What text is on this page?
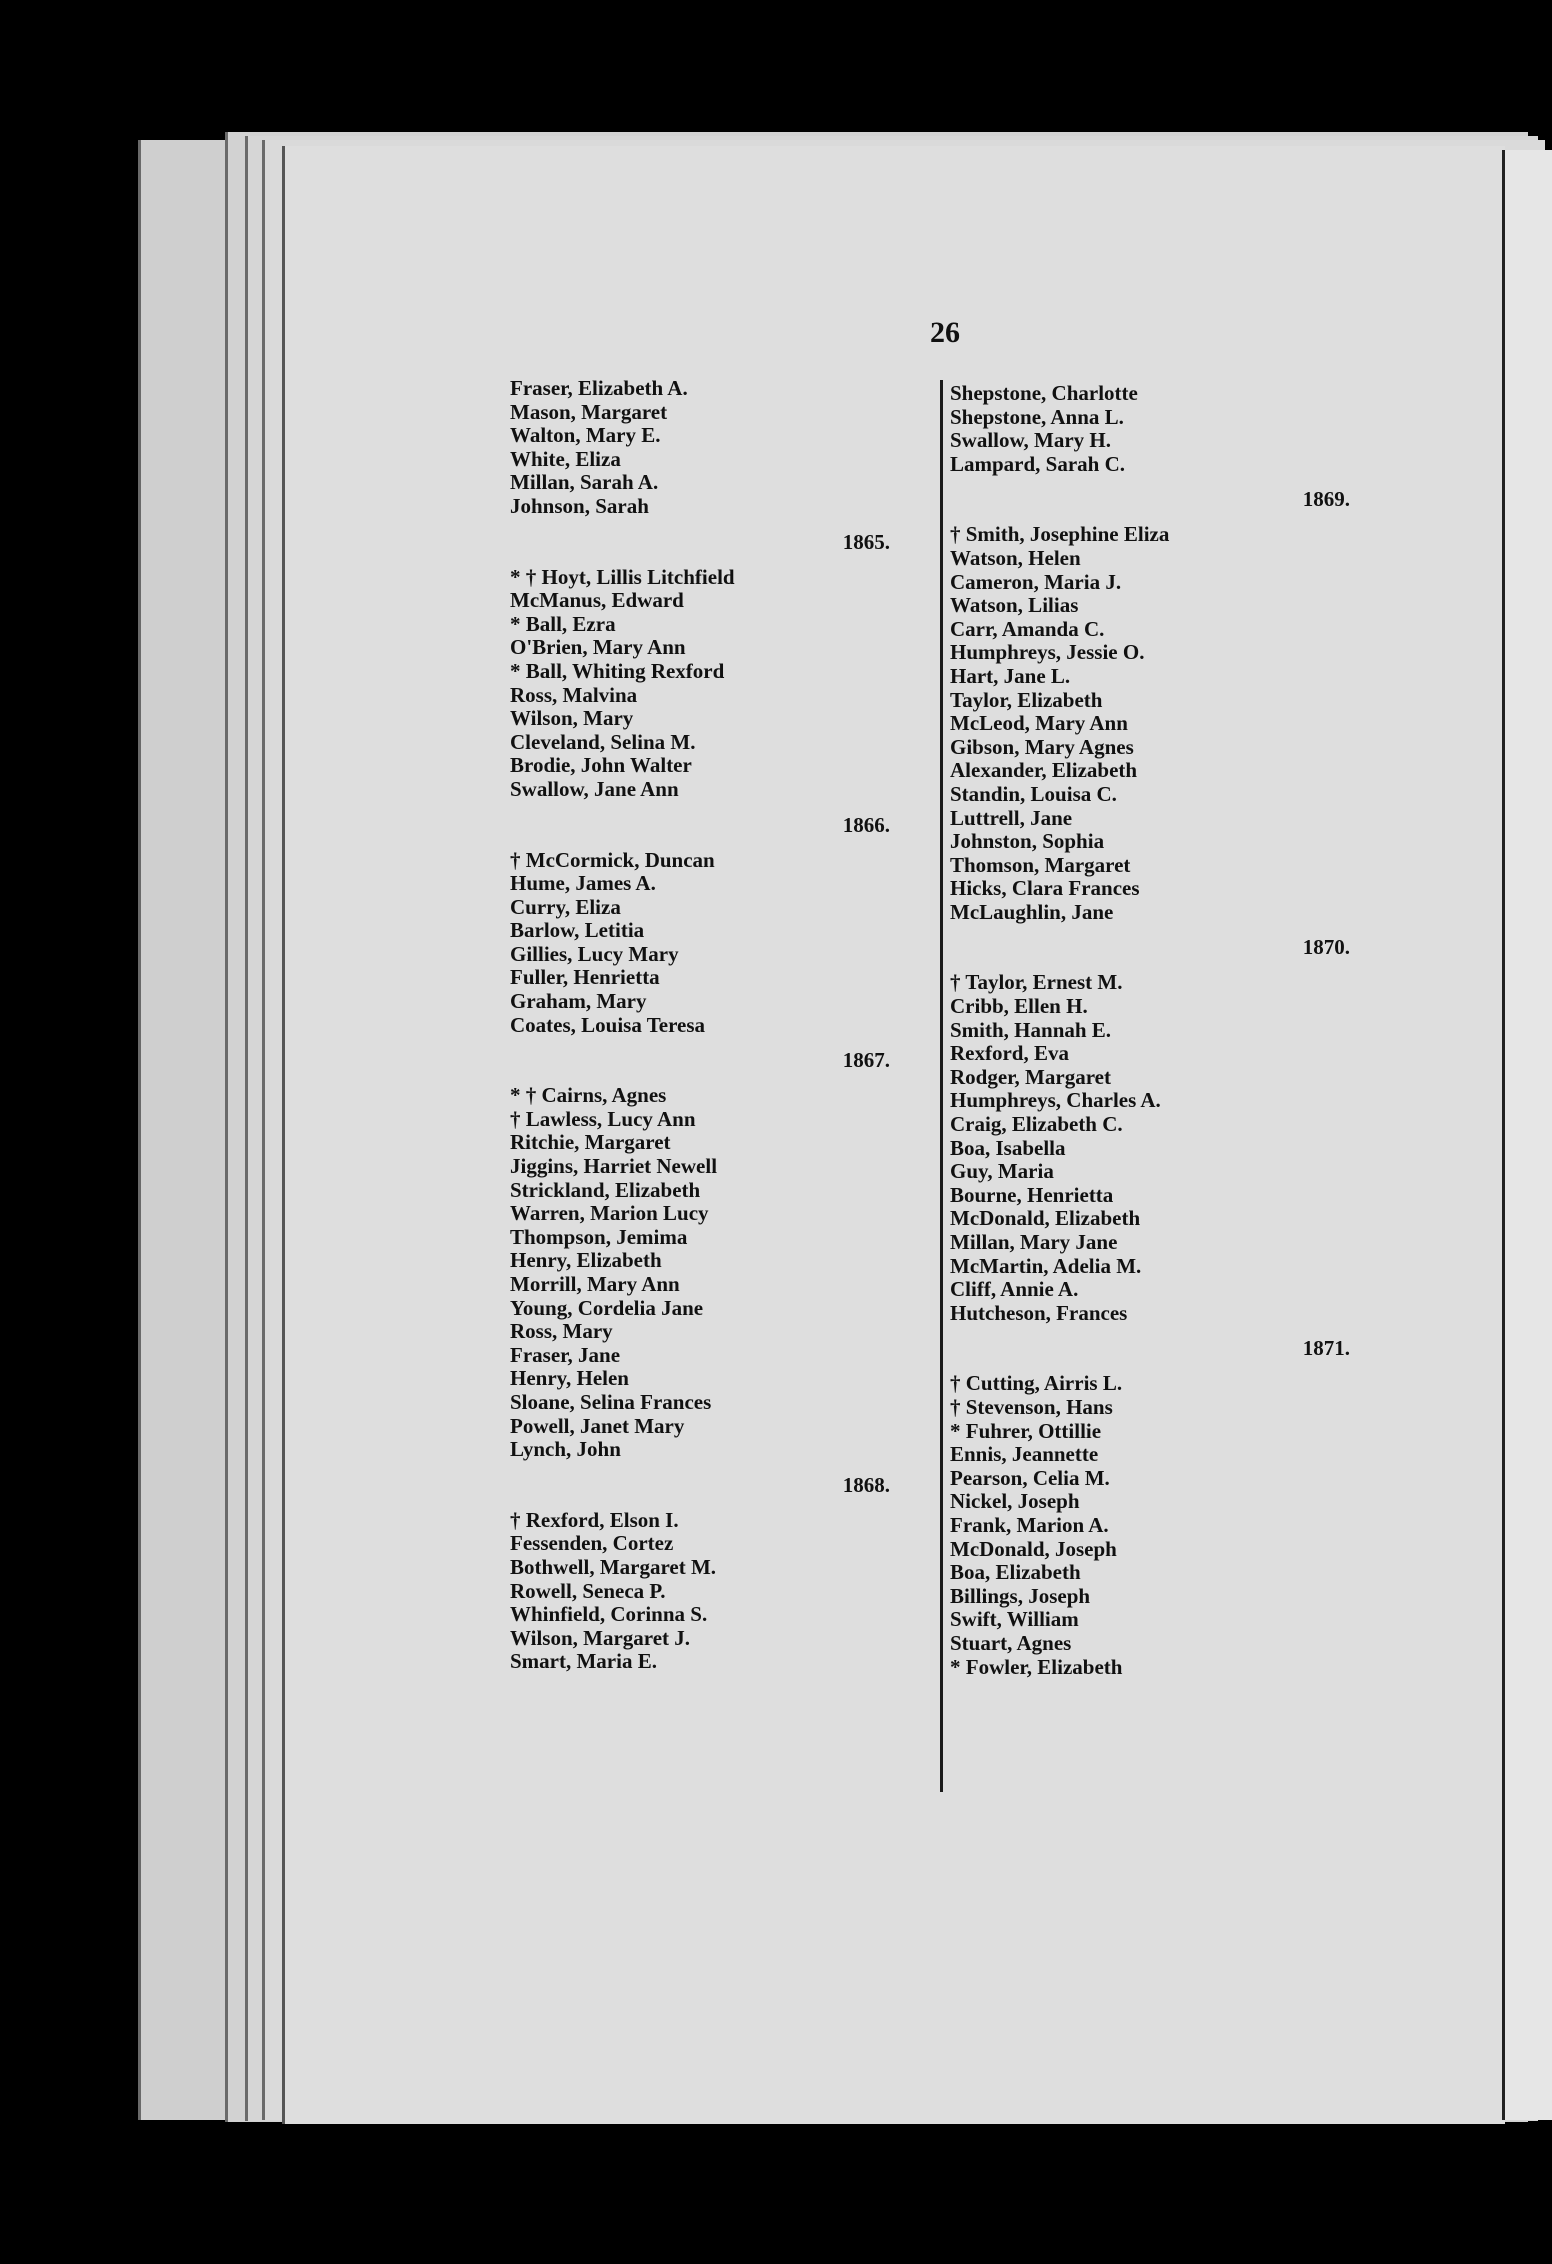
26
Fraser, Elizabeth A.
Mason, Margaret
Walton, Mary E.
White, Eliza
Millan, Sarah A.
Johnson, Sarah
1865.
* † Hoyt, Lillis Litchfield
McManus, Edward
* Ball, Ezra
O'Brien, Mary Ann
* Ball, Whiting Rexford
Ross, Malvina
Wilson, Mary
Cleveland, Selina M.
Brodie, John Walter
Swallow, Jane Ann
1866.
† McCormick, Duncan
Hume, James A.
Curry, Eliza
Barlow, Letitia
Gillies, Lucy Mary
Fuller, Henrietta
Graham, Mary
Coates, Louisa Teresa
1867.
* † Cairns, Agnes
† Lawless, Lucy Ann
Ritchie, Margaret
Jiggins, Harriet Newell
Strickland, Elizabeth
Warren, Marion Lucy
Thompson, Jemima
Henry, Elizabeth
Morrill, Mary Ann
Young, Cordelia Jane
Ross, Mary
Fraser, Jane
Henry, Helen
Sloane, Selina Frances
Powell, Janet Mary
Lynch, John
1868.
† Rexford, Elson I.
Fessenden, Cortez
Bothwell, Margaret M.
Rowell, Seneca P.
Whinfield, Corinna S.
Wilson, Margaret J.
Smart, Maria E.
Shepstone, Charlotte
Shepstone, Anna L.
Swallow, Mary H.
Lampard, Sarah C.
1869.
† Smith, Josephine Eliza
Watson, Helen
Cameron, Maria J.
Watson, Lilias
Carr, Amanda C.
Humphreys, Jessie O.
Hart, Jane L.
Taylor, Elizabeth
McLeod, Mary Ann
Gibson, Mary Agnes
Alexander, Elizabeth
Standin, Louisa C.
Luttrell, Jane
Johnston, Sophia
Thomson, Margaret
Hicks, Clara Frances
McLaughlin, Jane
1870.
† Taylor, Ernest M.
Cribb, Ellen H.
Smith, Hannah E.
Rexford, Eva
Rodger, Margaret
Humphreys, Charles A.
Craig, Elizabeth C.
Boa, Isabella
Guy, Maria
Bourne, Henrietta
McDonald, Elizabeth
Millan, Mary Jane
McMartin, Adelia M.
Cliff, Annie A.
Hutcheson, Frances
1871.
† Cutting, Airris L.
† Stevenson, Hans
* Fuhrer, Ottillie
Ennis, Jeannette
Pearson, Celia M.
Nickel, Joseph
Frank, Marion A.
McDonald, Joseph
Boa, Elizabeth
Billings, Joseph
Swift, William
Stuart, Agnes
* Fowler, Elizabeth
